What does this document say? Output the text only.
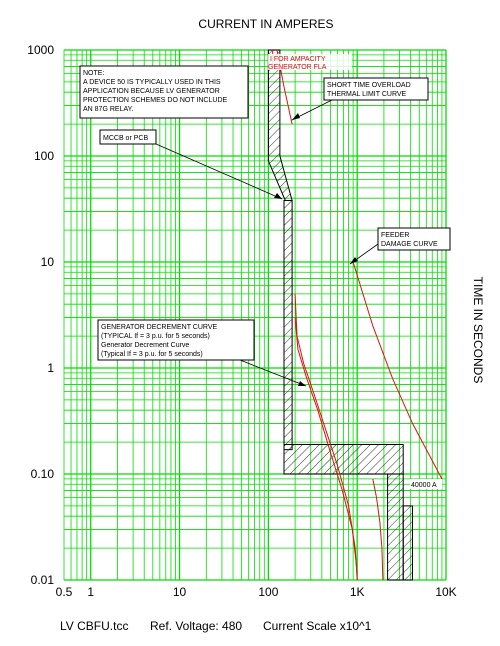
0.5 1	10	100	1K	10K
1000
100
10
1
0.10
0.01
CURRENT IN AMPERES
TIME IN SECONDS
NOTE:
A DEVICE 50 IS TYPICALLY USED IN THIS
APPLICATION BECAUSE LV GENERATOR
PROTECTION SCHEMES DO NOT INCLUDE
AN 87G RELAY.
SHORT TIME OVERLOAD
THERMAL LIMIT CURVE
MCCB or PCB
FEEDER
DAMAGE CURVE
GENERATOR DECREMENT CURVE
(TYPICAL If = 3 p.u. for 5 seconds)
Generator Decrement Curve
(Typical If = 3 p.u. for 5 seconds)
I FOR AMPACITY
GENERATOR FLA
40000 A
LV CBFU.tcc Ref. Voltage: 480 Current Scale x10^1
